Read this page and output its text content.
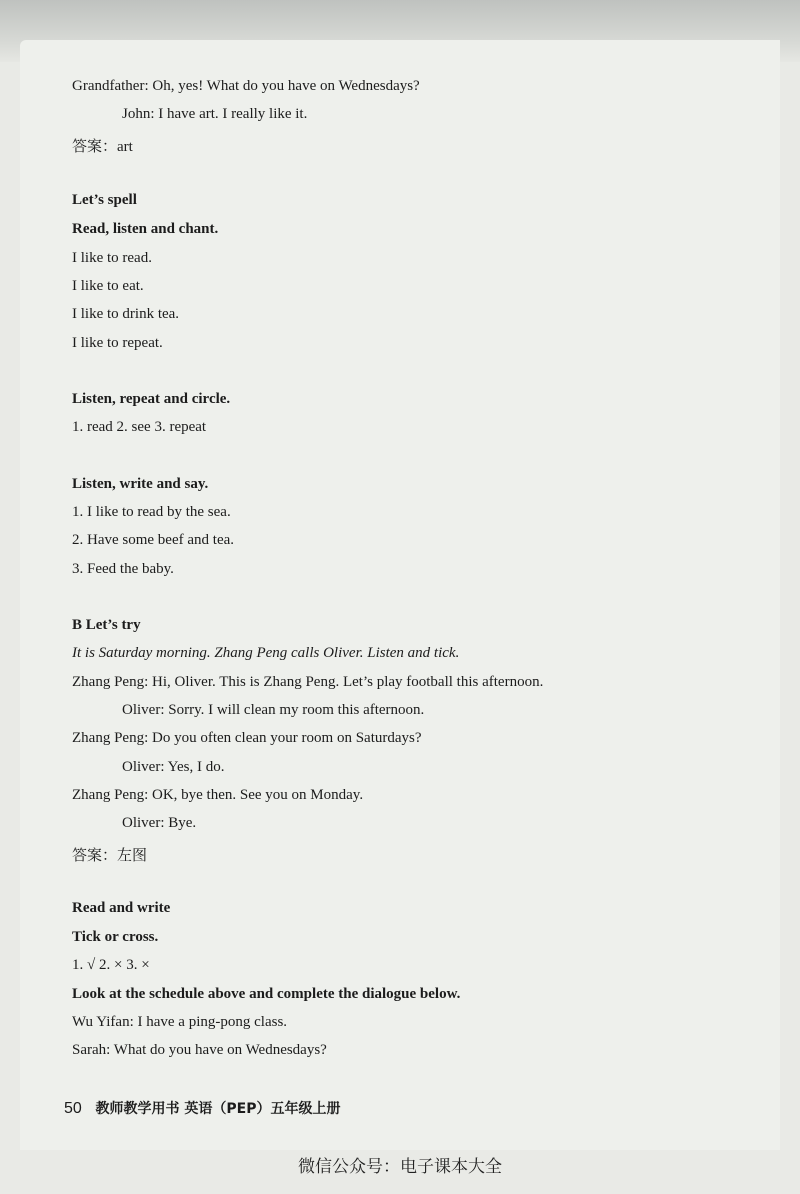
Grandfather: Oh, yes! What do you have on Wednesdays?
John: I have art. I really like it.
答案：art
Let’s spell
Read, listen and chant.
I like to read.
I like to eat.
I like to drink tea.
I like to repeat.
Listen, repeat and circle.
1. read 2. see 3. repeat
Listen, write and say.
1. I like to read by the sea.
2. Have some beef and tea.
3. Feed the baby.
B Let’s try
It is Saturday morning. Zhang Peng calls Oliver. Listen and tick.
Zhang Peng: Hi, Oliver. This is Zhang Peng. Let’s play football this afternoon.
Oliver: Sorry. I will clean my room this afternoon.
Zhang Peng: Do you often clean your room on Saturdays?
Oliver: Yes, I do.
Zhang Peng: OK, bye then. See you on Monday.
Oliver: Bye.
答案：左图
Read and write
Tick or cross.
1. √ 2. × 3. ×
Look at the schedule above and complete the dialogue below.
Wu Yifan: I have a ping-pong class.
Sarah: What do you have on Wednesdays?
50 教师教学用书 英语（PEP）五年级上册
微信公众号：电子课本大全
